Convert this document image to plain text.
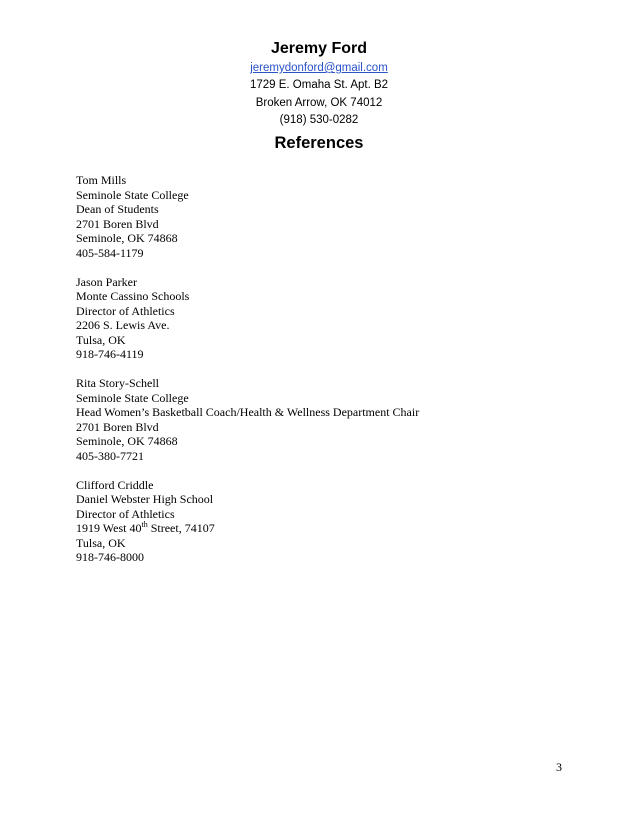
Jeremy Ford
jeremydonford@gmail.com
1729 E. Omaha St. Apt. B2
Broken Arrow, OK 74012
(918) 530-0282
References
Tom Mills
Seminole State College
Dean of Students
2701 Boren Blvd
Seminole, OK 74868
405-584-1179
Jason Parker
Monte Cassino Schools
Director of Athletics
2206 S. Lewis Ave.
Tulsa, OK
918-746-4119
Rita Story-Schell
Seminole State College
Head Women’s Basketball Coach/Health & Wellness Department Chair
2701 Boren Blvd
Seminole, OK 74868
405-380-7721
Clifford Criddle
Daniel Webster High School
Director of Athletics
1919 West 40th Street, 74107
Tulsa, OK
918-746-8000
3
